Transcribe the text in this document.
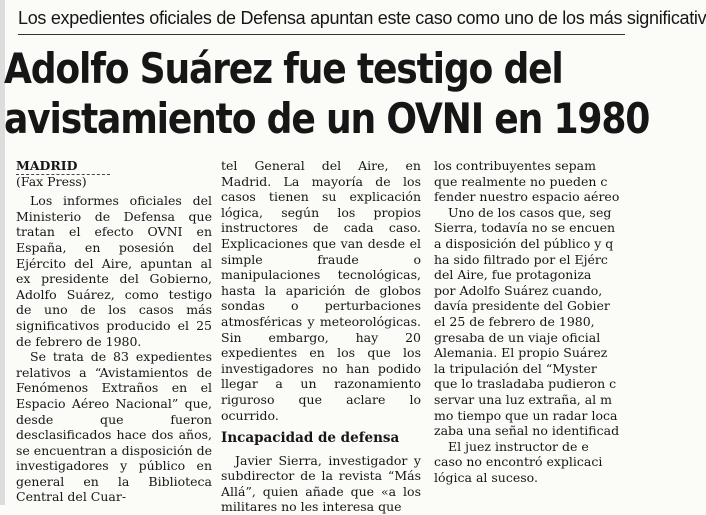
Los expedientes oficiales de Defensa apuntan este caso como uno de los más significativ
Adolfo Suárez fue testigo del
avistamiento de un OVNI en 1980

MADRID

(Fax Press)

Los informes oficiales del Ministerio de Defensa que tratan el efecto OVNI en España, en posesión del Ejército del Aire, apuntan al ex presidente del Gobierno, Adolfo Suárez, como testigo de uno de los casos más significativos producido el 25 de febrero de 1980.

Se trata de 83 expedientes relativos a “Avistamientos de Fenómenos Extraños en el Espacio Aéreo Nacional” que, desde que fueron desclasificados hace dos años, se encuentran a disposición de investigadores y público en general en la Biblioteca Central del Cuar-

tel General del Aire, en Madrid. La mayoría de los casos tienen su explicación lógica, según los propios instructores de cada caso. Explicaciones que van desde el simple fraude o manipulaciones tecnológicas, hasta la aparición de globos sondas o perturbaciones atmosféricas y meteorológicas. Sin embargo, hay 20 expedientes en los que los investigadores no han podido llegar a un razonamiento riguroso que aclare lo ocurrido.

Incapacidad de defensa

Javier Sierra, investigador y subdirector de la revista “Más Allá”, quien añade que «a los militares no les interesa que

los contribuyentes sepam
que realmente no pueden c
fender nuestro espacio aéreo
Uno de los casos que, seg
Sierra, todavía no se encuen
a disposición del público y q
ha sido filtrado por el Ejérc
del Aire, fue protagoniza
por Adolfo Suárez cuando,
davía presidente del Gobier
el 25 de febrero de 1980,
gresaba de un viaje oficial
Alemania. El propio Suárez
la tripulación del “Myster
que lo trasladaba pudieron c
servar una luz extraña, al m
mo tiempo que un radar loca
zaba una señal no identificad
El juez instructor de e
caso no encontró explicaci
lógica al suceso.
